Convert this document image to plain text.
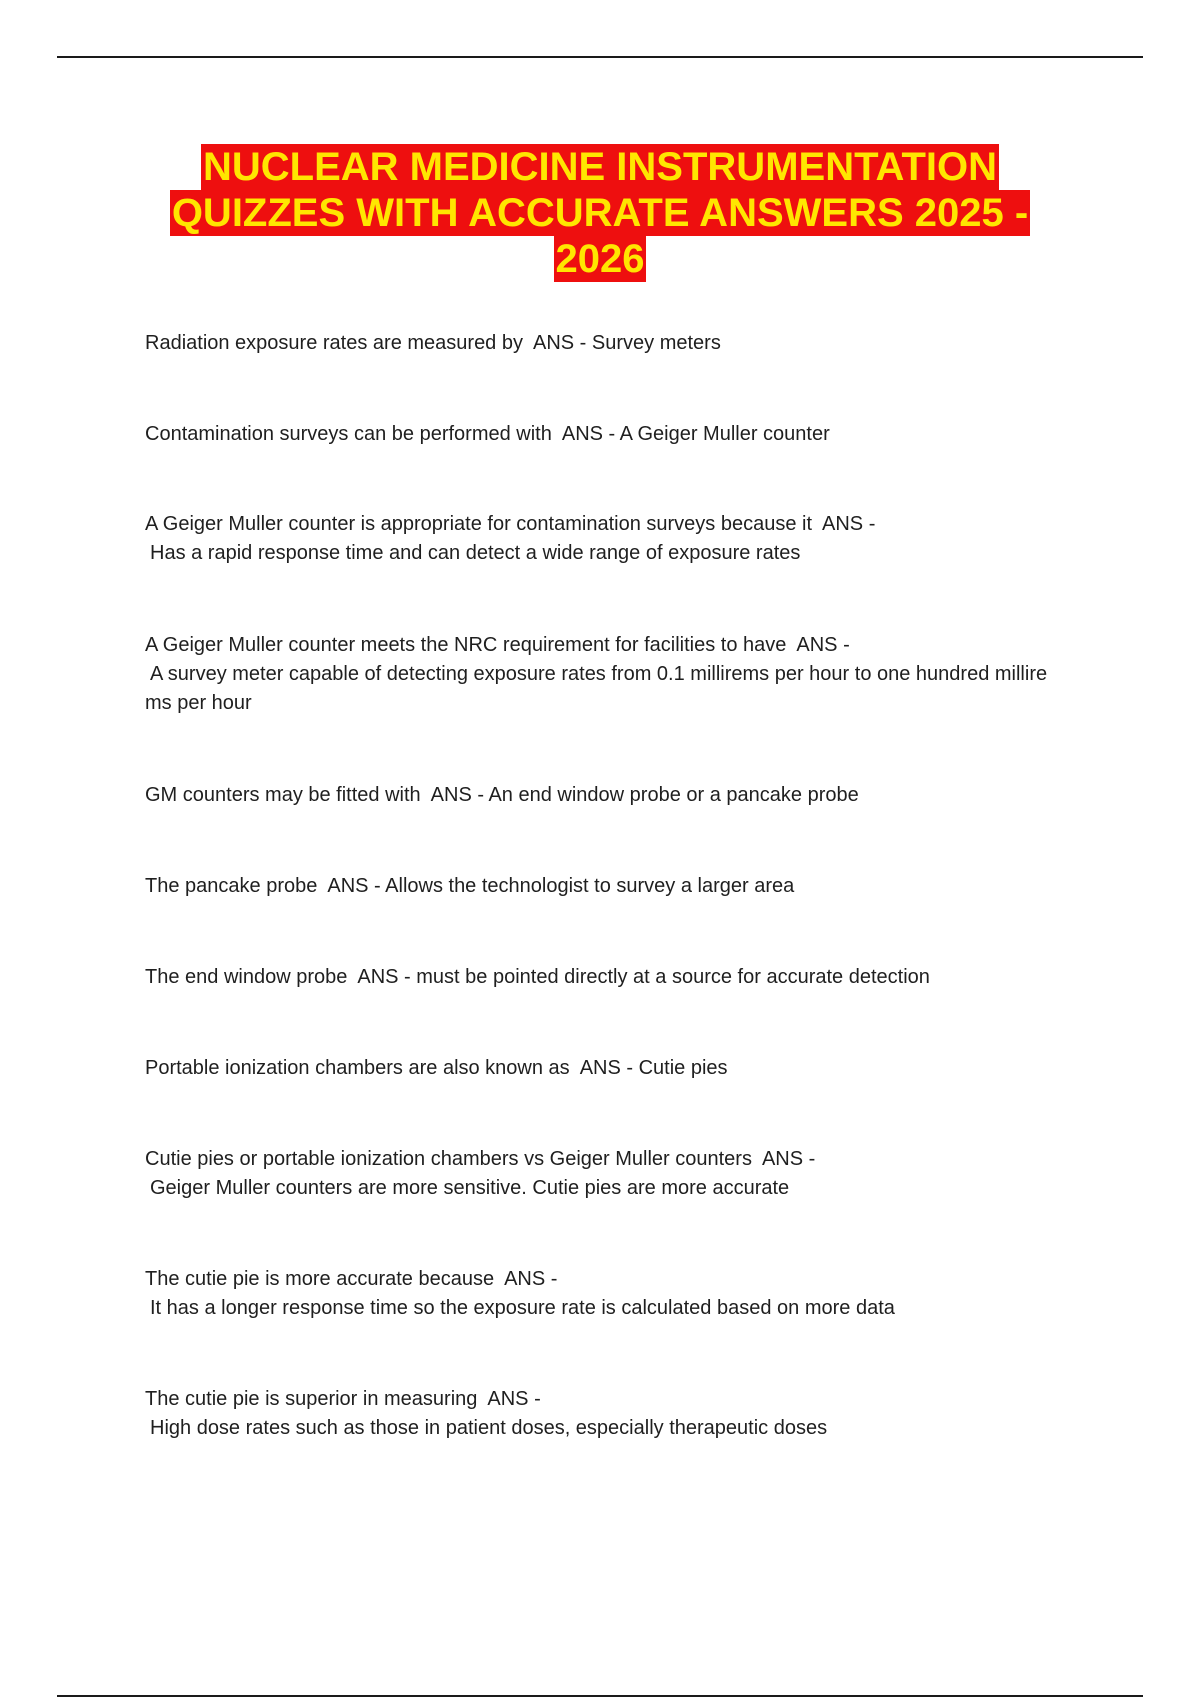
NUCLEAR MEDICINE INSTRUMENTATION
QUIZZES WITH ACCURATE ANSWERS 2025 -
2026
Radiation exposure rates are measured by  ANS - Survey meters
Contamination surveys can be performed with  ANS - A Geiger Muller counter
A Geiger Muller counter is appropriate for contamination surveys because it  ANS -
Has a rapid response time and can detect a wide range of exposure rates
A Geiger Muller counter meets the NRC requirement for facilities to have  ANS -
A survey meter capable of detecting exposure rates from 0.1 millirems per hour to one hundred millire
ms per hour
GM counters may be fitted with  ANS - An end window probe or a pancake probe
The pancake probe  ANS - Allows the technologist to survey a larger area
The end window probe  ANS - must be pointed directly at a source for accurate detection
Portable ionization chambers are also known as  ANS - Cutie pies
Cutie pies or portable ionization chambers vs Geiger Muller counters  ANS -
Geiger Muller counters are more sensitive. Cutie pies are more accurate
The cutie pie is more accurate because  ANS -
It has a longer response time so the exposure rate is calculated based on more data
The cutie pie is superior in measuring  ANS -
High dose rates such as those in patient doses, especially therapeutic doses
